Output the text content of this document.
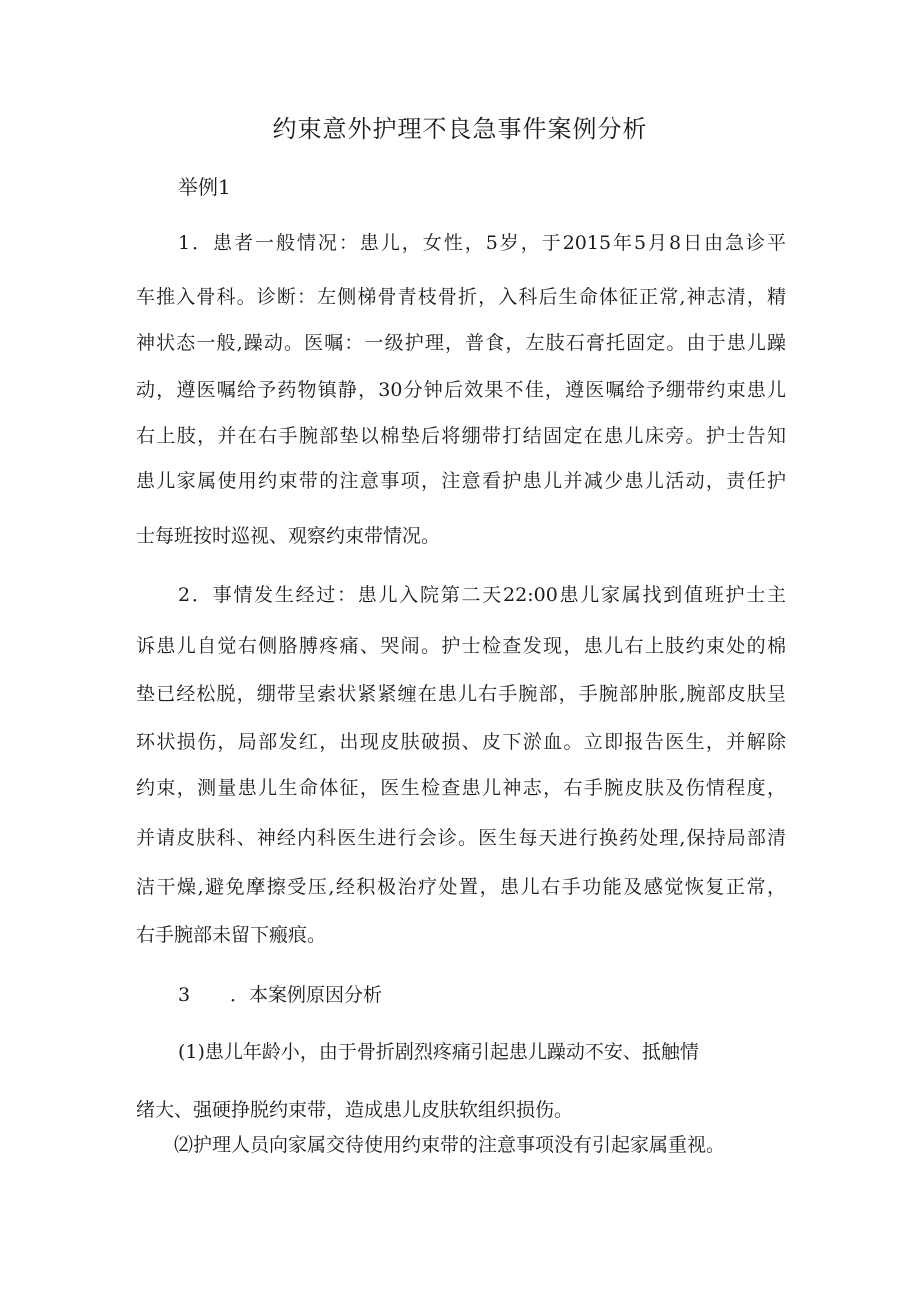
约束意外护理不良急事件案例分析
举例1
1．患者一般情况：患儿，女性，5岁，于2015年5月8日由急诊平
车推入骨科。诊断：左侧梯骨青枝骨折，入科后生命体征正常,神志清，精
神状态一般,躁动。医嘱：一级护理，普食，左肢石膏托固定。由于患儿躁
动，遵医嘱给予药物镇静，30分钟后效果不佳，遵医嘱给予绷带约束患儿
右上肢，并在右手腕部垫以棉垫后将绷带打结固定在患儿床旁。护士告知
患儿家属使用约束带的注意事项，注意看护患儿并减少患儿活动，责任护
士每班按时巡视、观察约束带情况。
2．事情发生经过：患儿入院第二天22:00患儿家属找到值班护士主
诉患儿自觉右侧胳膊疼痛、哭闹。护士检查发现，患儿右上肢约束处的棉
垫已经松脱，绷带呈索状紧紧缠在患儿右手腕部，手腕部肿胀,腕部皮肤呈
环状损伤，局部发红，出现皮肤破损、皮下淤血。立即报告医生，并解除
约束，测量患儿生命体征，医生检查患儿神志，右手腕皮肤及伤情程度，
并请皮肤科、神经内科医生进行会诊。医生每天进行换药处理,保持局部清
洁干燥,避免摩擦受压,经积极治疗处置，患儿右手功能及感觉恢复正常，
右手腕部未留下瘢痕。
3 ．本案例原因分析
(1)患儿年龄小，由于骨折剧烈疼痛引起患儿躁动不安、抵触情
绪大、强硬挣脱约束带，造成患儿皮肤软组织损伤。
⑵护理人员向家属交待使用约束带的注意事项没有引起家属重视。
